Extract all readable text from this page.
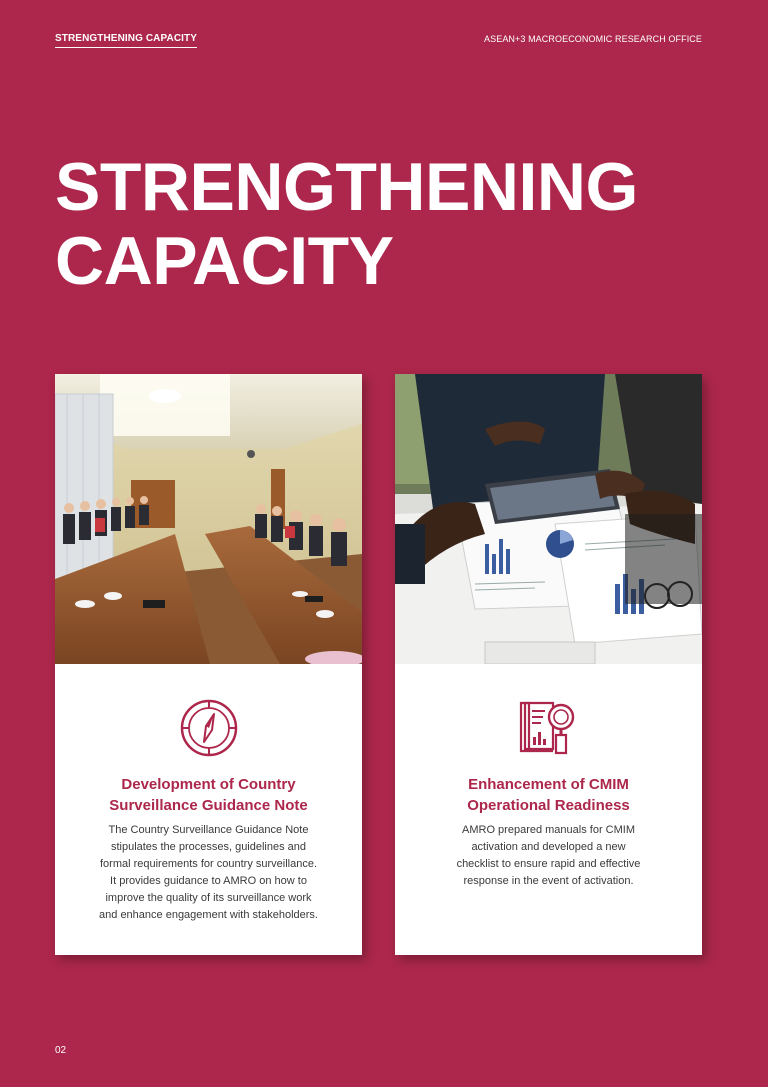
STRENGTHENING CAPACITY	ASEAN+3 MACROECONOMIC RESEARCH OFFICE
STRENGTHENING
CAPACITY
Development of Country
Surveillance Guidance Note

The Country Surveillance Guidance Note
stipulates the processes, guidelines and
formal requirements for country surveillance.
It provides guidance to AMRO on how to
improve the quality of its surveillance work
and enhance engagement with stakeholders.

Enhancement of CMIM
Operational Readiness

AMRO prepared manuals for CMIM
activation and developed a new
checklist to ensure rapid and effective
response in the event of activation.

02
